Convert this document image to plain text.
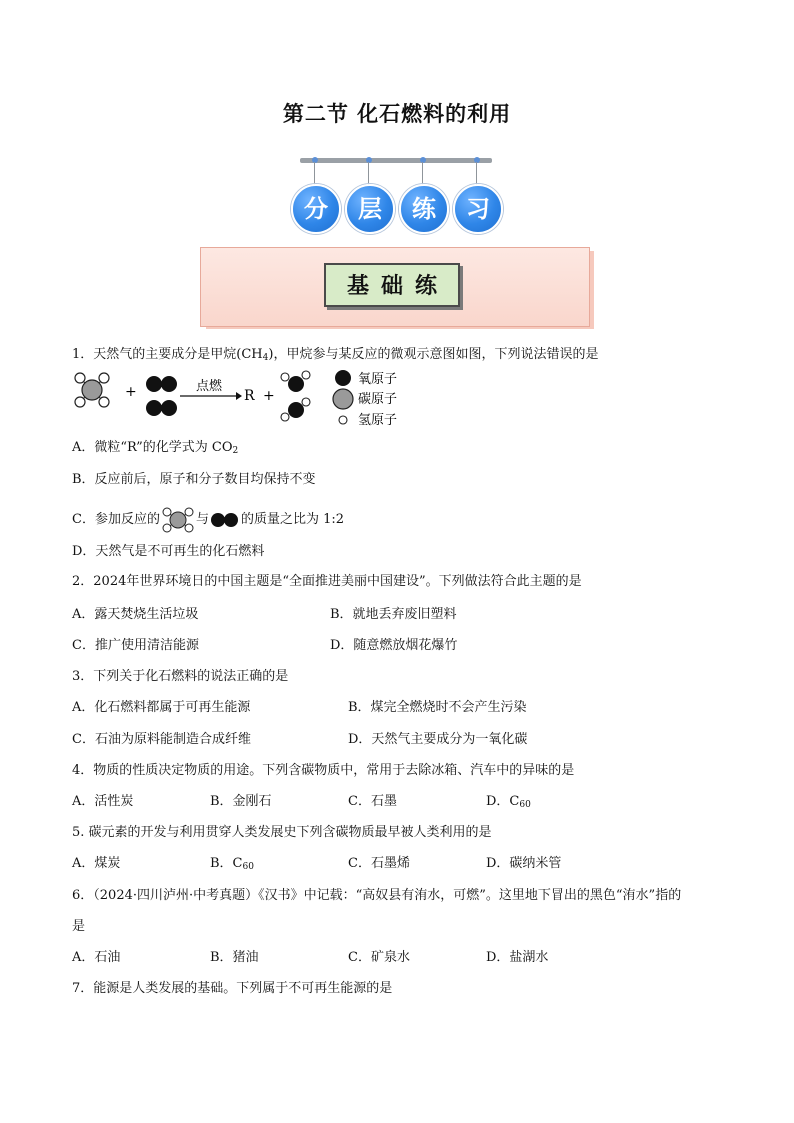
第二节 化石燃料的利用
分	层	练	习
基础练
1．天然气的主要成分是甲烷$(CH_4)$，甲烷参与某反应的微观示意图如图，下列说法错误的是
+	点燃
R +
氧原子
碳原子
氢原子
A．微粒“R”的化学式为 $CO_2$
B．反应前后，原子和分子数目均保持不变
C．参加反应的	与 的质量之比为 1:2
D．天然气是不可再生的化石燃料
2．2024年世界环境日的中国主题是“全面推进美丽中国建设”。下列做法符合此主题的是
A．露天焚烧生活垃圾	B．就地丢弃废旧塑料
C．推广使用清洁能源	D．随意燃放烟花爆竹
3．下列关于化石燃料的说法正确的是
A．化石燃料都属于可再生能源	B．煤完全燃烧时不会产生污染
C．石油为原料能制造合成纤维	D．天然气主要成分为一氧化碳
4．物质的性质决定物质的用途。下列含碳物质中，常用于去除冰箱、汽车中的异味的是
A．活性炭	B．金刚石	C．石墨	D．$C_{60}$
5. 碳元素的开发与利用贯穿人类发展史下列含碳物质最早被人类利用的是
A．煤炭	B．$C_{60}$	C．石墨烯	D．碳纳米管
6．（2024·四川泸州·中考真题）《汉书》中记载：“高奴县有洧水，可燃”。这里地下冒出的黑色“洧水”指的
是
A．石油	B．猪油	C．矿泉水	D．盐湖水
7．能源是人类发展的基础。下列属于不可再生能源的是
